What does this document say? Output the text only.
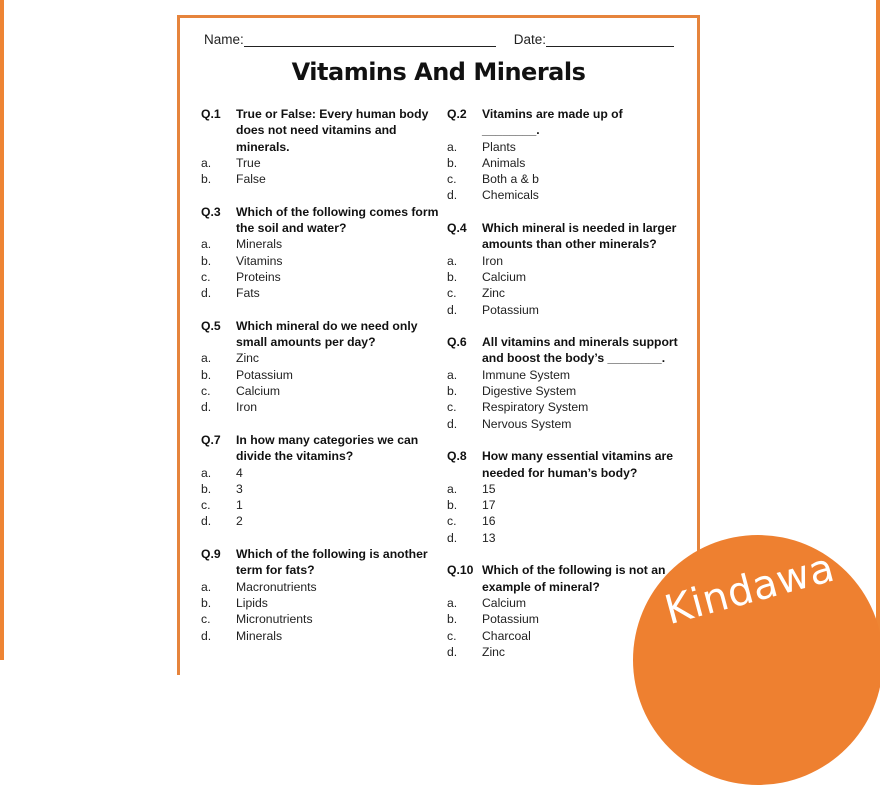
Name:	Date:
Vitamins And Minerals
Q.1	True or False: Every human body
does not need vitamins and
minerals.
a.	True
b.	False
Q.3	Which of the following comes form
the soil and water?
a.	Minerals
b.	Vitamins
c.	Proteins
d.	Fats
Q.5	Which mineral do we need only
small amounts per day?
a.	Zinc
b.	Potassium
c.	Calcium
d.	Iron
Q.7	In how many categories we can
divide the vitamins?
a.	4
b.	3
c.	1
d.	2
Q.9	Which of the following is another
term for fats?
a.	Macronutrients
b.	Lipids
c.	Micronutrients
d.	Minerals
Q.2	Vitamins are made up of
________.
a.	Plants
b.	Animals
c.	Both a & b
d.	Chemicals
Q.4	Which mineral is needed in larger
amounts than other minerals?
a.	Iron
b.	Calcium
c.	Zinc
d.	Potassium
Q.6	All vitamins and minerals support
and boost the body’s ________.
a.	Immune System
b.	Digestive System
c.	Respiratory System
d.	Nervous System
Q.8	How many essential vitamins are
needed for human’s body?
a.	15
b.	17
c.	16
d.	13
Q.10 Which of the following is not an
example of mineral?
a.	Calcium
b.	Potassium
c.	Charcoal
d.	Zinc
Kindawa
